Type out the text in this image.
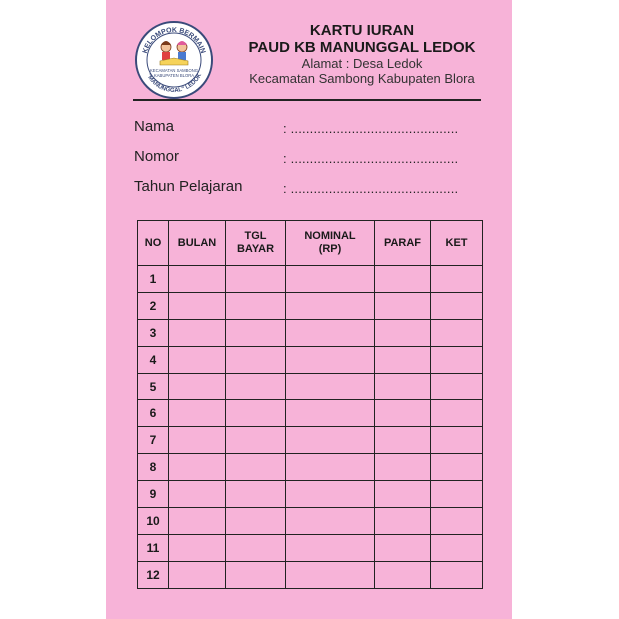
KELOMPOK BERMAIN
"MANUNGGAL" LEDOK
KECAMATAN SAMBONG
KABUPATEN BLORA
KARTU IURAN
PAUD KB MANUNGGAL LEDOK
Alamat : Desa Ledok
Kecamatan Sambong Kabupaten Blora
Nama	: ............................................
Nomor	: ............................................
Tahun Pelajaran	: ............................................
NO	BULAN	TGL BAYAR	NOMINAL (RP)	PARAF	KET
1					
2					
3					
4					
5					
6					
7					
8					
9					
10					
11					
12					
